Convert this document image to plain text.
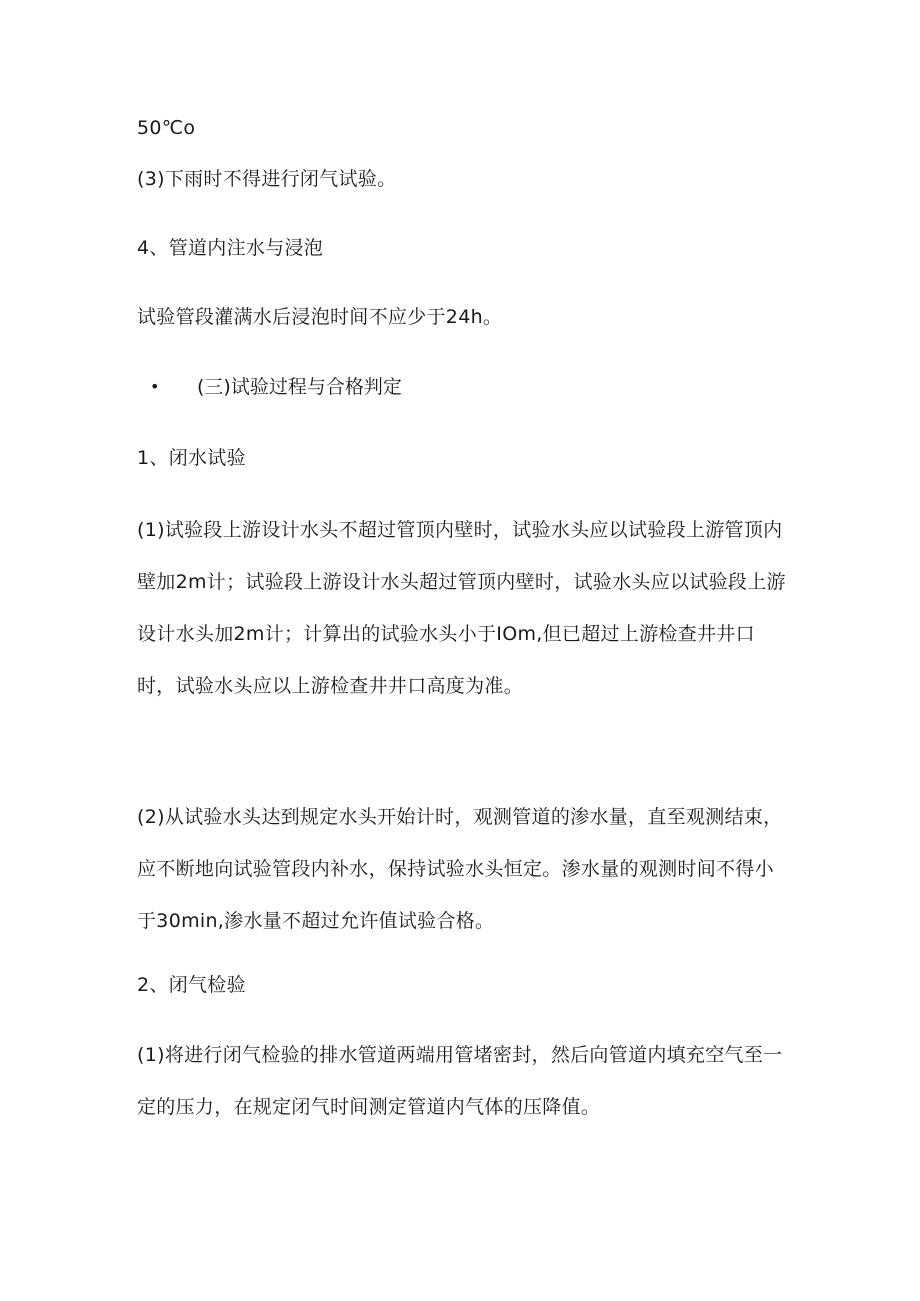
50℃o
(3)下雨时不得进行闭气试验。
4、管道内注水与浸泡
试验管段灌满水后浸泡时间不应少于24h。
• (三)试验过程与合格判定
1、闭水试验
(1)试验段上游设计水头不超过管顶内壁时，试验水头应以试验段上游管顶内壁加2m计；试验段上游设计水头超过管顶内壁时，试验水头应以试验段上游设计水头加2m计；计算出的试验水头小于IOm,但已超过上游检查井井口时，试验水头应以上游检查井井口高度为准。
(2)从试验水头达到规定水头开始计时，观测管道的渗水量，直至观测结束，应不断地向试验管段内补水，保持试验水头恒定。渗水量的观测时间不得小于30min,渗水量不超过允许值试验合格。
2、闭气检验
(1)将进行闭气检验的排水管道两端用管堵密封，然后向管道内填充空气至一定的压力，在规定闭气时间测定管道内气体的压降值。
